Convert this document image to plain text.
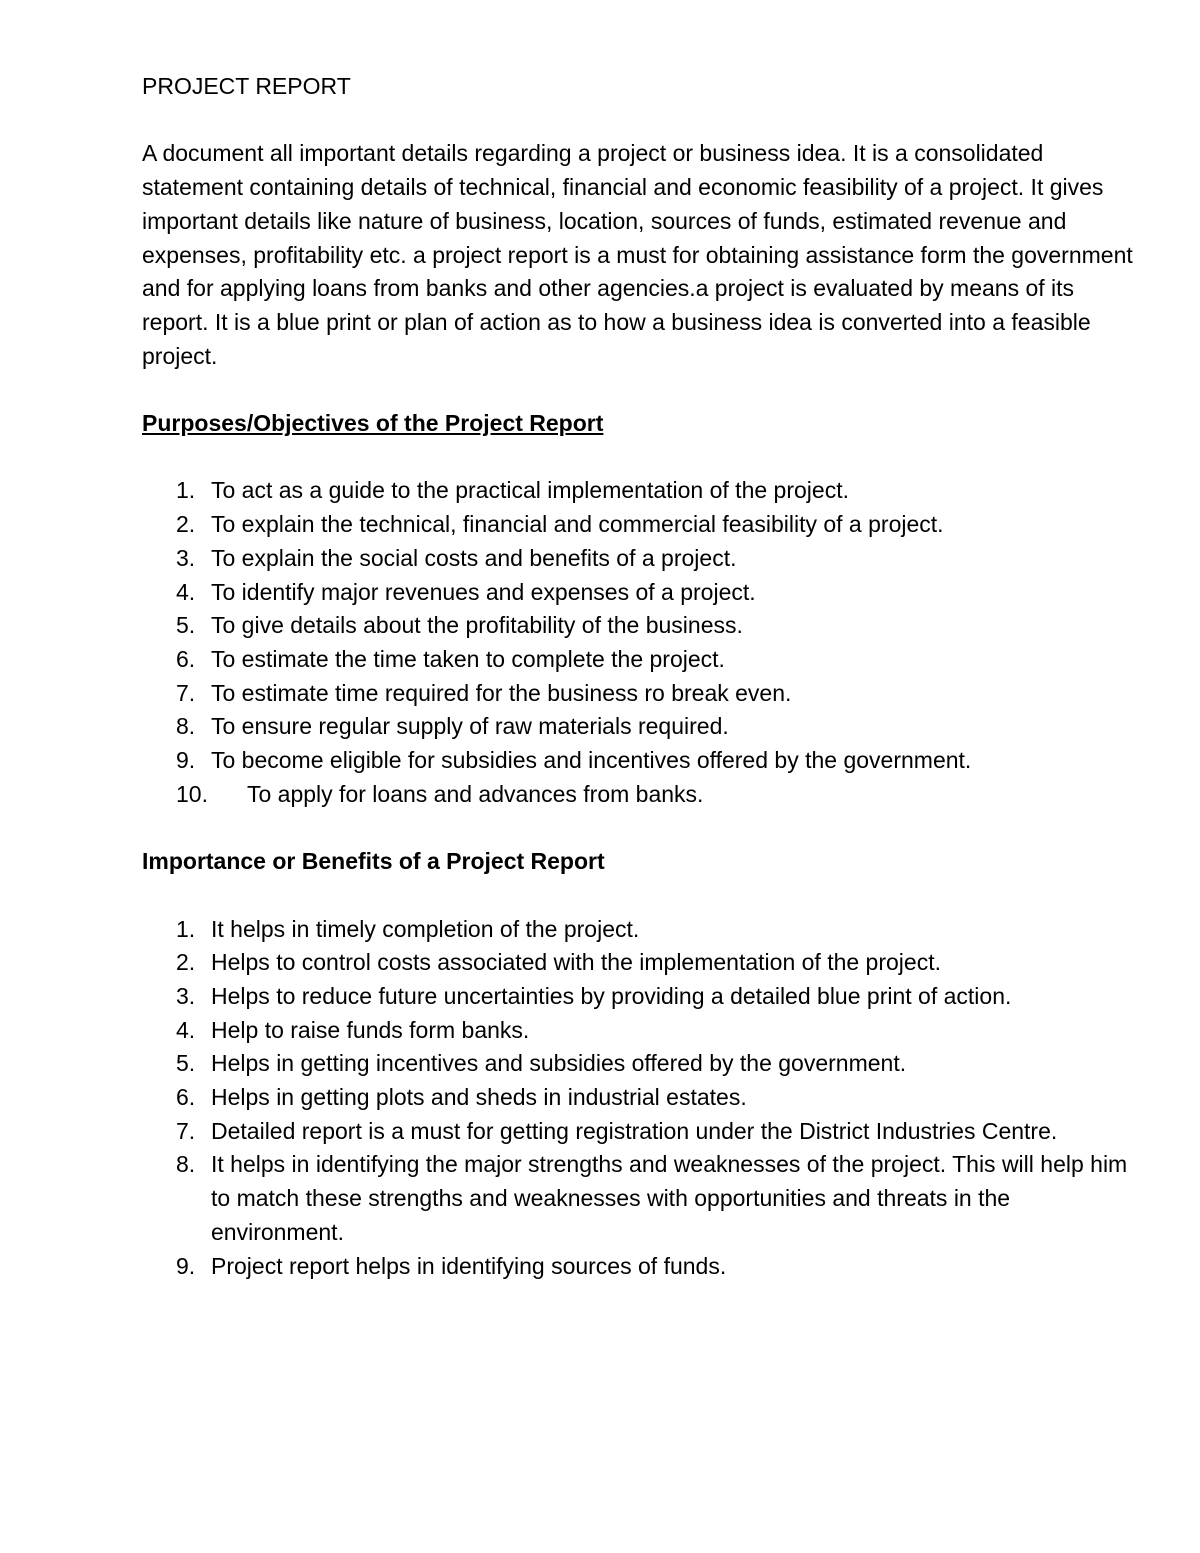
PROJECT REPORT

A document all important details regarding a project or business idea. It is a consolidated statement containing details of technical, financial and economic feasibility of a project. It gives important details like nature of business, location, sources of funds, estimated revenue and expenses, profitability etc. a project report is a must for obtaining assistance form the government and for applying loans from banks and other agencies.a project is evaluated by means of its report. It is a blue print or plan of action as to how a business idea is converted into a feasible project.

Purposes/Objectives of the Project Report
1. To act as a guide to the practical implementation of the project.
2. To explain the technical, financial and commercial feasibility of a project.
3. To explain the social costs and benefits of a project.
4. To identify major revenues and expenses of a project.
5. To give details about the profitability of the business.
6. To estimate the time taken to complete the project.
7. To estimate time required for the business ro break even.
8. To ensure regular supply of raw materials required.
9. To become eligible for subsidies and incentives offered by the government.
10. To apply for loans and advances from banks.
Importance or Benefits of a Project Report
1. It helps in timely completion of the project.
2. Helps to control costs associated with the implementation of the project.
3. Helps to reduce future uncertainties by providing a detailed blue print of action.
4. Help to raise funds form banks.
5. Helps in getting incentives and subsidies offered by the government.
6. Helps in getting plots and sheds in industrial estates.
7. Detailed report is a must for getting registration under the District Industries Centre.
8. It helps in identifying the major strengths and weaknesses of the project. This will help him to match these strengths and weaknesses with opportunities and threats in the environment.
9. Project report helps in identifying sources of funds.
